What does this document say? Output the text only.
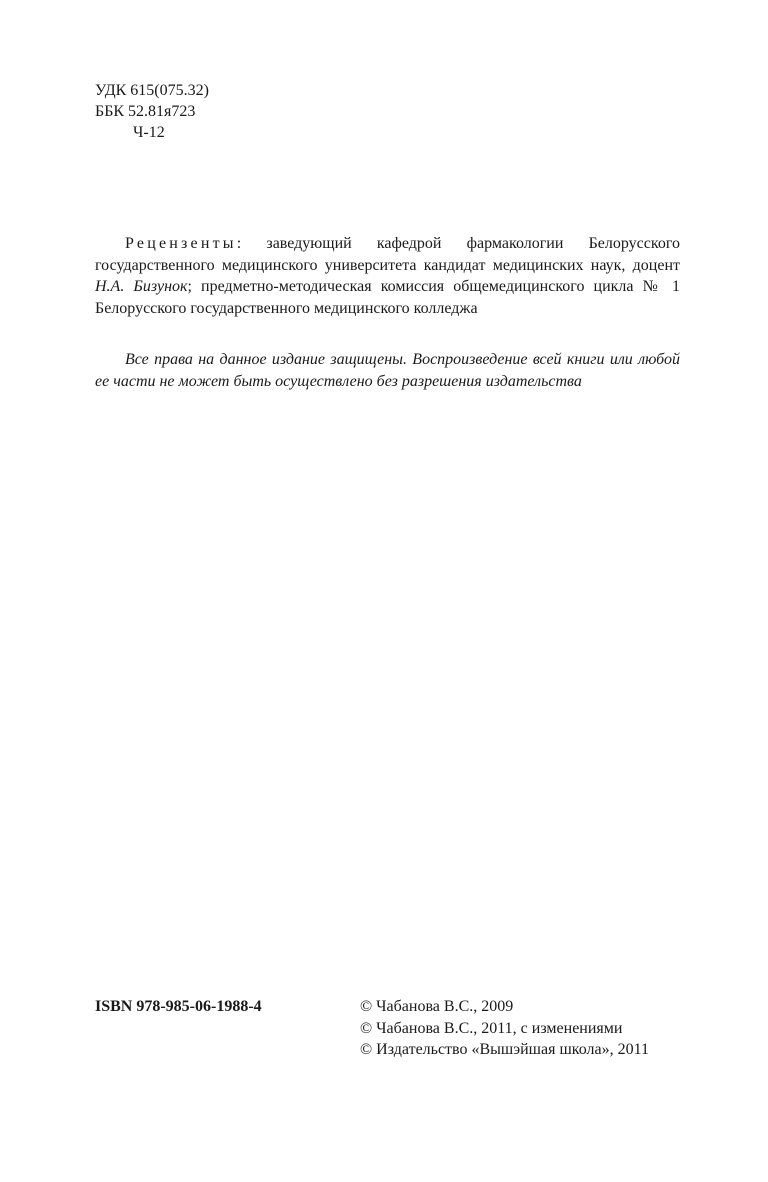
УДК 615(075.32)
ББК 52.81я723
Ч-12

Рецензенты: заведующий кафедрой фармакологии Белорусского государственного медицинского университета кандидат медицинских наук, доцент Н.А. Бизунок; предметно-методическая комиссия общемедицинского цикла № 1 Белорусского государственного медицинского колледжа

Все права на данное издание защищены. Воспроизведение всей книги или любой ее части не может быть осуществлено без разрешения издательства

ISBN 978-985-06-1988-4	© Чабанова В.С., 2009
© Чабанова В.С., 2011, с изменениями
© Издательство «Вышэйшая школа», 2011
